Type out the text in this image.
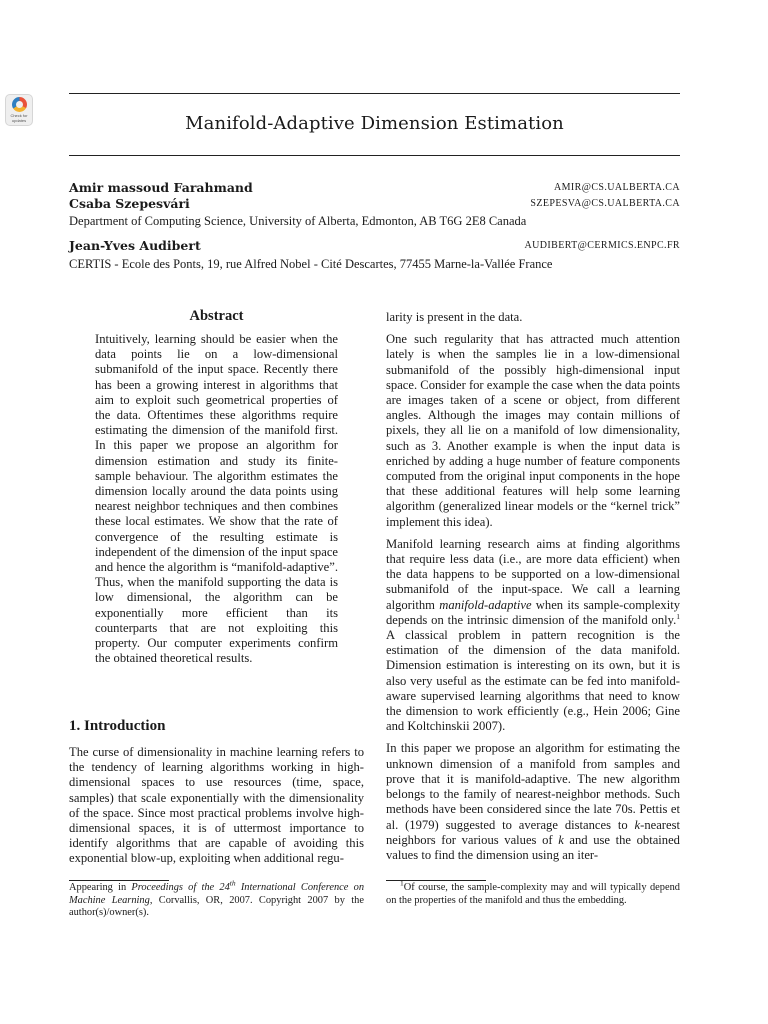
Check for
updates	Manifold-Adaptive Dimension Estimation
Amir massoud Farahmand	AMIR@CS.UALBERTA.CA
Csaba Szepesvári	SZEPESVA@CS.UALBERTA.CA
Department of Computing Science, University of Alberta, Edmonton, AB T6G 2E8 Canada
Jean-Yves Audibert	AUDIBERT@CERMICS.ENPC.FR
CERTIS - Ecole des Ponts, 19, rue Alfred Nobel - Cité Descartes, 77455 Marne-la-Vallée France
Abstract

Intuitively, learning should be easier when the data points lie on a low-dimensional submanifold of the input space. Recently there has been a growing interest in algorithms that aim to exploit such geometrical properties of the data. Oftentimes these algorithms require estimating the dimension of the manifold first. In this paper we propose an algorithm for dimension estimation and study its finite-sample behaviour. The algorithm estimates the dimension locally around the data points using nearest neighbor techniques and then combines these local estimates. We show that the rate of convergence of the resulting estimate is independent of the dimension of the input space and hence the algorithm is “manifold-adaptive”. Thus, when the manifold supporting the data is low dimensional, the algorithm can be exponentially more efficient than its counterparts that are not exploiting this property. Our computer experiments confirm the obtained theoretical results.

1. Introduction

The curse of dimensionality in machine learning refers to the tendency of learning algorithms working in high-dimensional spaces to use resources (time, space, samples) that scale exponentially with the dimensionality of the space. Since most practical problems involve high-dimensional spaces, it is of uttermost importance to identify algorithms that are capable of avoiding this exponential blow-up, exploiting when additional regu-

Appearing in Proceedings of the 24th International Conference on Machine Learning, Corvallis, OR, 2007. Copyright 2007 by the author(s)/owner(s).

larity is present in the data.

One such regularity that has attracted much attention lately is when the samples lie in a low-dimensional submanifold of the possibly high-dimensional input space. Consider for example the case when the data points are images taken of a scene or object, from different angles. Although the images may contain millions of pixels, they all lie on a manifold of low dimensionality, such as 3. Another example is when the input data is enriched by adding a huge number of feature components computed from the original input components in the hope that these additional features will help some learning algorithm (generalized linear models or the “kernel trick” implement this idea).

Manifold learning research aims at finding algorithms that require less data (i.e., are more data efficient) when the data happens to be supported on a low-dimensional submanifold of the input-space. We call a learning algorithm manifold-adaptive when its sample-complexity depends on the intrinsic dimension of the manifold only.$^1$ A classical problem in pattern recognition is the estimation of the dimension of the data manifold. Dimension estimation is interesting on its own, but it is also very useful as the estimate can be fed into manifold-aware supervised learning algorithms that need to know the dimension to work efficiently (e.g., Hein 2006; Gine and Koltchinskii 2007).

In this paper we propose an algorithm for estimating the unknown dimension of a manifold from samples and prove that it is manifold-adaptive. The new algorithm belongs to the family of nearest-neighbor methods. Such methods have been considered since the late 70s. Pettis et al. (1979) suggested to average distances to k-nearest neighbors for various values of k and use the obtained values to find the dimension using an iter-

$^1$Of course, the sample-complexity may and will typically depend on the properties of the manifold and thus the embedding.
